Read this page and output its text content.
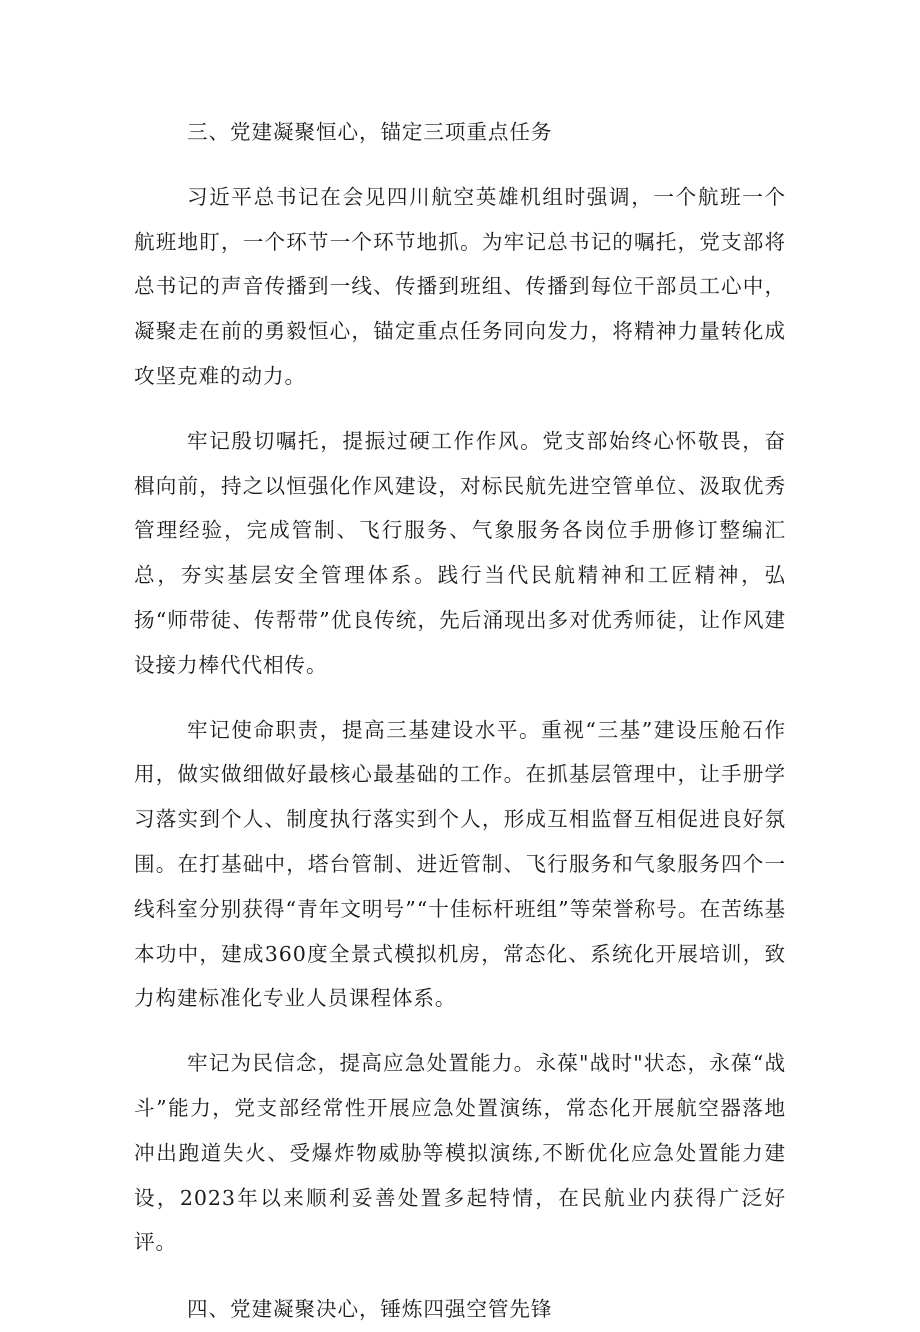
三、党建凝聚恒心，锚定三项重点任务

习近平总书记在会见四川航空英雄机组时强调，一个航班一个航班地盯，一个环节一个环节地抓。为牢记总书记的嘱托，党支部将总书记的声音传播到一线、传播到班组、传播到每位干部员工心中，凝聚走在前的勇毅恒心，锚定重点任务同向发力，将精神力量转化成攻坚克难的动力。

牢记殷切嘱托，提振过硬工作作风。党支部始终心怀敬畏，奋楫向前，持之以恒强化作风建设，对标民航先进空管单位、汲取优秀管理经验，完成管制、飞行服务、气象服务各岗位手册修订整编汇总，夯实基层安全管理体系。践行当代民航精神和工匠精神，弘扬“师带徒、传帮带”优良传统，先后涌现出多对优秀师徒，让作风建设接力棒代代相传。

牢记使命职责，提高三基建设水平。重视“三基”建设压舱石作用，做实做细做好最核心最基础的工作。在抓基层管理中，让手册学习落实到个人、制度执行落实到个人，形成互相监督互相促进良好氛围。在打基础中，塔台管制、进近管制、飞行服务和气象服务四个一线科室分别获得“青年文明号”“十佳标杆班组”等荣誉称号。在苦练基本功中，建成360度全景式模拟机房，常态化、系统化开展培训，致力构建标准化专业人员课程体系。

牢记为民信念，提高应急处置能力。永葆"战时"状态，永葆“战斗”能力，党支部经常性开展应急处置演练，常态化开展航空器落地冲出跑道失火、受爆炸物威胁等模拟演练,不断优化应急处置能力建设，2023年以来顺利妥善处置多起特情，在民航业内获得广泛好评。

四、党建凝聚决心，锤炼四强空管先锋
